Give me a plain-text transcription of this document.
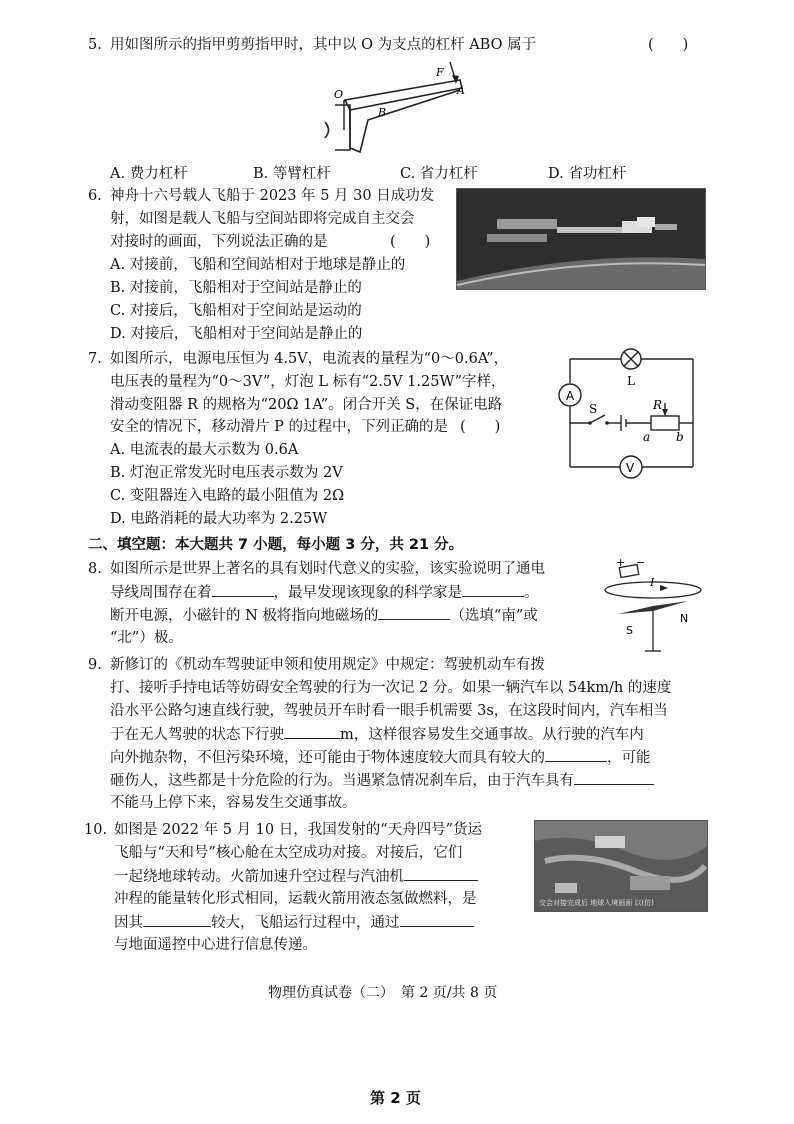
5. 用如图所示的指甲剪剪指甲时，其中以 O 为支点的杠杆 ABO 属于	(　　)
F
A
O
B
A. 费力杠杆	B. 等臂杠杆	C. 省力杠杆	D. 省功杠杆
6. 神舟十六号载人飞船于 2023 年 5 月 30 日成功发
射，如图是载人飞船与空间站即将完成自主交会
对接时的画面，下列说法正确的是	(　　)
A. 对接前，飞船和空间站相对于地球是静止的
B. 对接前，飞船相对于空间站是静止的
C. 对接后，飞船相对于空间站是运动的
D. 对接后，飞船相对于空间站是静止的
7. 如图所示，电源电压恒为 4.5V，电流表的量程为“0～0.6A”，
电压表的量程为“0～3V”，灯泡 L 标有“2.5V 1.25W”字样，
滑动变阻器 R 的规格为“20Ω 1A”。闭合开关 S，在保证电路
安全的情况下，移动滑片 P 的过程中，下列正确的是 (　　)
A. 电流表的最大示数为 0.6A
B. 灯泡正常发光时电压表示数为 2V
C. 变阻器连入电路的最小阻值为 2Ω
D. 电路消耗的最大功率为 2.25W
A
V
L
S	R
a b
二、填空题：本大题共 7 小题，每小题 3 分，共 21 分。
8. 如图所示是世界上著名的具有划时代意义的实验，该实验说明了通电
导线周围存在着	，最早发现该现象的科学家是	。
断开电源，小磁针的 N 极将指向地磁场的	（选填“南”或
“北”）极。
+ −
I
S
N
9. 新修订的《机动车驾驶证申领和使用规定》中规定：驾驶机动车有拨
打、接听手持电话等妨碍安全驾驶的行为一次记 2 分。如果一辆汽车以 54km/h 的速度
沿水平公路匀速直线行驶，驾驶员开车时看一眼手机需要 3s，在这段时间内，汽车相当
于在无人驾驶的状态下行驶	m，这样很容易发生交通事故。从行驶的汽车内
向外抛杂物，不但污染环境，还可能由于物体速度较大而具有较大的	，可能
砸伤人，这些都是十分危险的行为。当遇紧急情况刹车后，由于汽车具有
不能马上停下来，容易发生交通事故。
10. 如图是 2022 年 5 月 10 日，我国发射的“天舟四号”货运
飞船与“天和号”核心舱在太空成功对接。对接后，它们
一起绕地球转动。火箭加速升空过程与汽油机
冲程的能量转化形式相同，运载火箭用液态氢做燃料，是
因其	较大，飞船运行过程中，通过
与地面遥控中心进行信息传递。
交会对接完成后 地球入境画面 以(仿)
物理仿真试卷（二）　第 2 页/共 8 页
第 2 页
